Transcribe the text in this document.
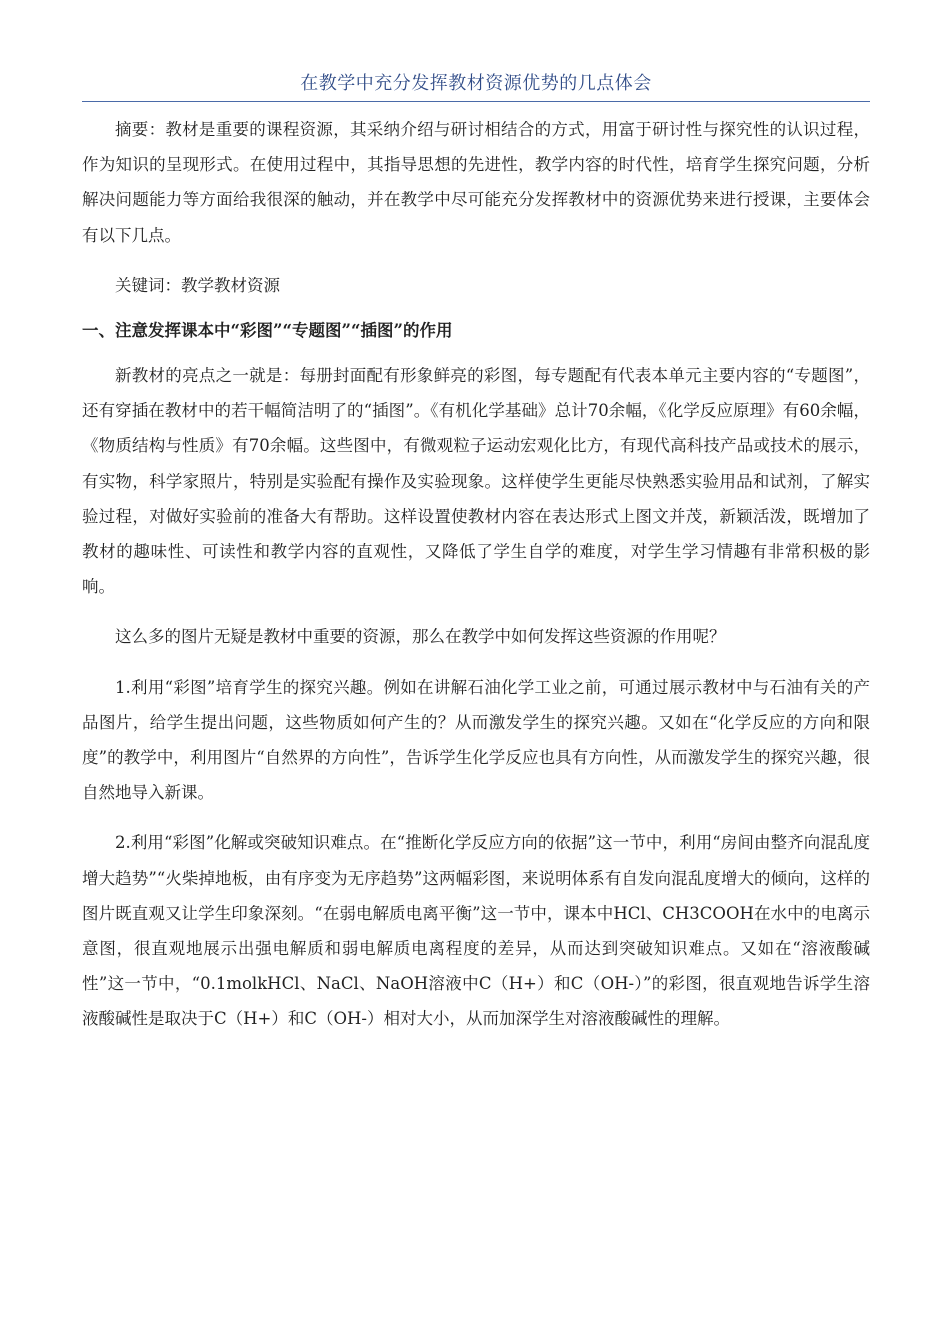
在教学中充分发挥教材资源优势的几点体会

摘要：教材是重要的课程资源，其采纳介绍与研讨相结合的方式，用富于研讨性与探究性的认识过程，作为知识的呈现形式。在使用过程中，其指导思想的先进性，教学内容的时代性，培育学生探究问题，分析解决问题能力等方面给我很深的触动，并在教学中尽可能充分发挥教材中的资源优势来进行授课，主要体会有以下几点。

关键词：教学教材资源

一、注意发挥课本中“彩图”“专题图”“插图”的作用

新教材的亮点之一就是：每册封面配有形象鲜亮的彩图，每专题配有代表本单元主要内容的“专题图”，还有穿插在教材中的若干幅简洁明了的“插图”。《有机化学基础》总计70余幅，《化学反应原理》有60余幅，《物质结构与性质》有70余幅。这些图中，有微观粒子运动宏观化比方，有现代高科技产品或技术的展示，有实物，科学家照片，特别是实验配有操作及实验现象。这样使学生更能尽快熟悉实验用品和试剂，了解实验过程，对做好实验前的准备大有帮助。这样设置使教材内容在表达形式上图文并茂，新颖活泼，既增加了教材的趣味性、可读性和教学内容的直观性，又降低了学生自学的难度，对学生学习情趣有非常积极的影响。

这么多的图片无疑是教材中重要的资源，那么在教学中如何发挥这些资源的作用呢？

1.利用“彩图”培育学生的探究兴趣。例如在讲解石油化学工业之前，可通过展示教材中与石油有关的产品图片，给学生提出问题，这些物质如何产生的？从而激发学生的探究兴趣。又如在“化学反应的方向和限度”的教学中，利用图片“自然界的方向性”，告诉学生化学反应也具有方向性，从而激发学生的探究兴趣，很自然地导入新课。

2.利用“彩图”化解或突破知识难点。在“推断化学反应方向的依据”这一节中，利用“房间由整齐向混乱度增大趋势”“火柴掉地板，由有序变为无序趋势”这两幅彩图，来说明体系有自发向混乱度增大的倾向，这样的图片既直观又让学生印象深刻。“在弱电解质电离平衡”这一节中，课本中HCl、CH3COOH在水中的电离示意图，很直观地展示出强电解质和弱电解质电离程度的差异，从而达到突破知识难点。又如在“溶液酸碱性”这一节中，“0.1molkHCl、NaCl、NaOH溶液中C（H+）和C（OH-）”的彩图，很直观地告诉学生溶液酸碱性是取决于C（H+）和C（OH-）相对大小，从而加深学生对溶液酸碱性的理解。
